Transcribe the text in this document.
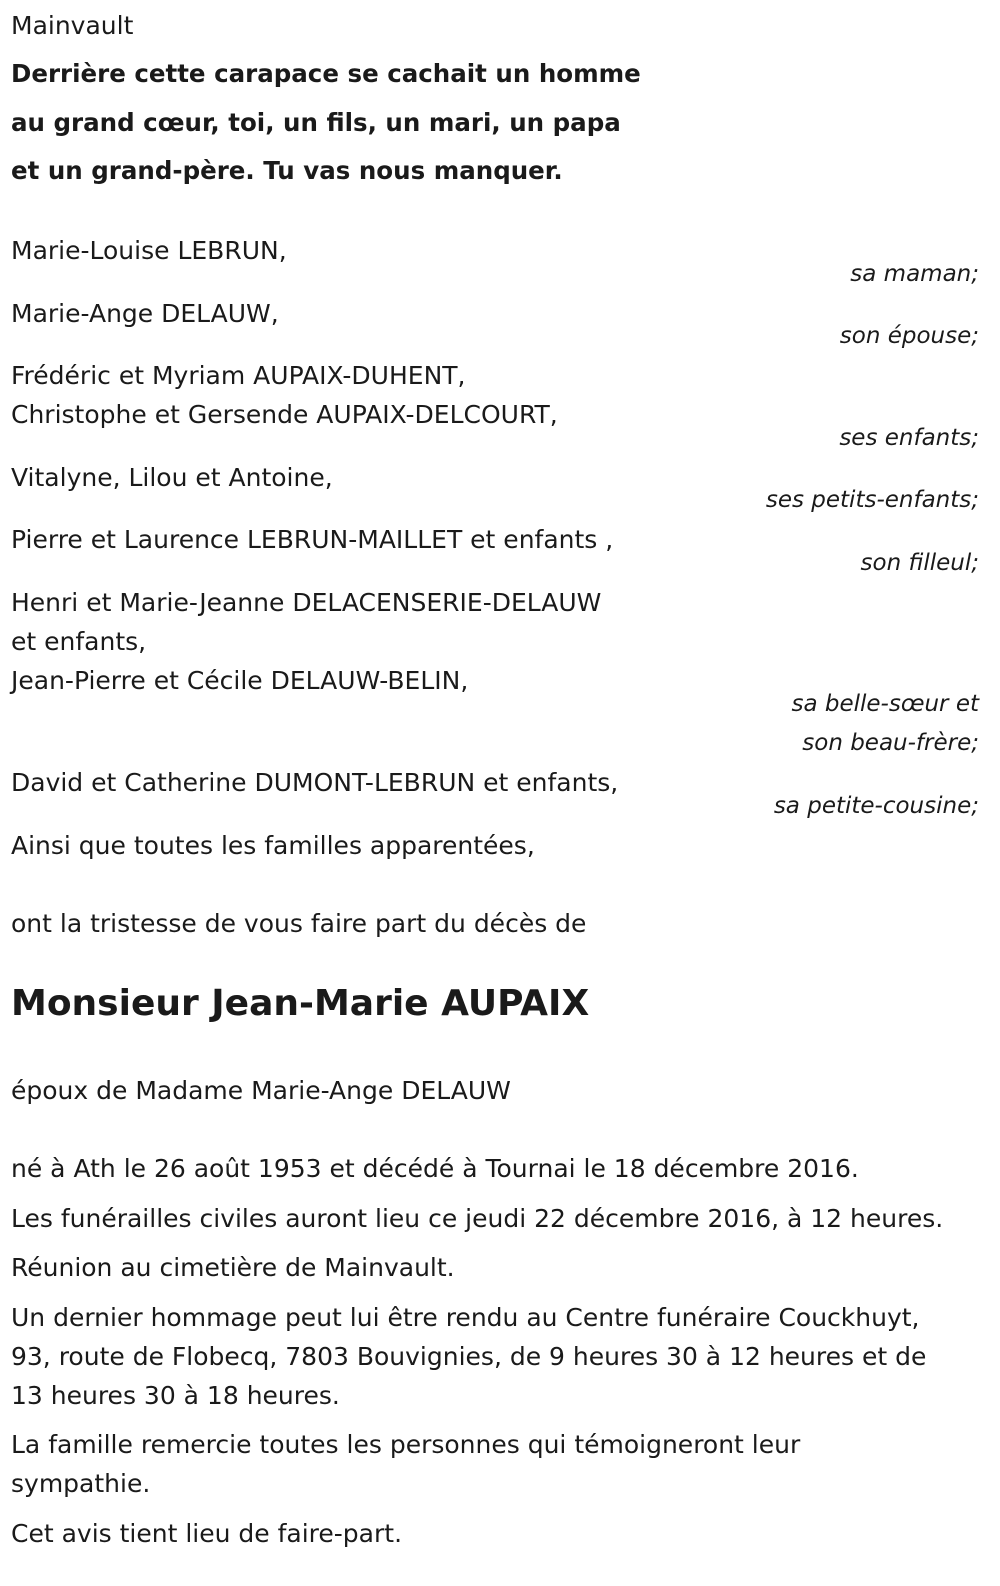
Mainvault

Derrière cette carapace se cachait un homme

au grand cœur, toi, un fils, un mari, un papa

et un grand-père. Tu vas nous manquer.

Marie-Louise LEBRUN,

sa maman;

Marie-Ange DELAUW,

son épouse;

Frédéric et Myriam AUPAIX-DUHENT,

Christophe et Gersende AUPAIX-DELCOURT,

ses enfants;

Vitalyne, Lilou et Antoine,

ses petits-enfants;

Pierre et Laurence LEBRUN-MAILLET et enfants ,

son filleul;

Henri et Marie-Jeanne DELACENSERIE-DELAUW

et enfants,

Jean-Pierre et Cécile DELAUW-BELIN,

sa belle-sœur et

son beau-frère;

David et Catherine DUMONT-LEBRUN et enfants,

sa petite-cousine;

Ainsi que toutes les familles apparentées,

ont la tristesse de vous faire part du décès de

Monsieur Jean-Marie AUPAIX

époux de Madame Marie-Ange DELAUW

né à Ath le 26 août 1953 et décédé à Tournai le 18 décembre 2016.

Les funérailles civiles auront lieu ce jeudi 22 décembre 2016, à 12 heures.

Réunion au cimetière de Mainvault.

Un dernier hommage peut lui être rendu au Centre funéraire Couckhuyt,

93, route de Flobecq, 7803 Bouvignies, de 9 heures 30 à 12 heures et de

13 heures 30 à 18 heures.

La famille remercie toutes les personnes qui témoigneront leur

sympathie.

Cet avis tient lieu de faire-part.
